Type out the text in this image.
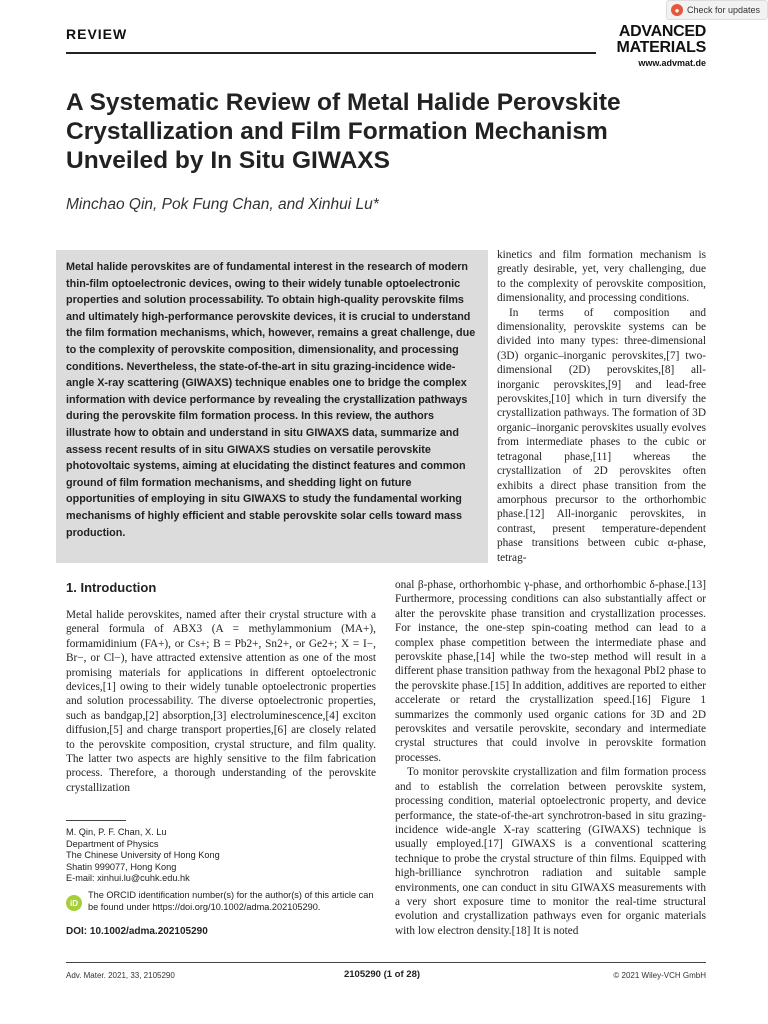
REVIEW	ADVANCED
MATERIALS
www.advmat.de
● Check for updates
A Systematic Review of Metal Halide Perovskite Crystallization and Film Formation Mechanism Unveiled by In Situ GIWAXS
Minchao Qin, Pok Fung Chan, and Xinhui Lu*
Metal halide perovskites are of fundamental interest in the research of modern thin-film optoelectronic devices, owing to their widely tunable optoelectronic properties and solution processability. To obtain high-quality perovskite films and ultimately high-performance perovskite devices, it is crucial to understand the film formation mechanisms, which, however, remains a great challenge, due to the complexity of perovskite composition, dimensionality, and processing conditions. Nevertheless, the state-of-the-art in situ grazing-incidence wide-angle X-ray scattering (GIWAXS) technique enables one to bridge the complex information with device performance by revealing the crystallization pathways during the perovskite film formation process. In this review, the authors illustrate how to obtain and understand in situ GIWAXS data, summarize and assess recent results of in situ GIWAXS studies on versatile perovskite photovoltaic systems, aiming at elucidating the distinct features and common ground of film formation mechanisms, and shedding light on future opportunities of employing in situ GIWAXS to study the fundamental working mechanisms of highly efficient and stable perovskite solar cells toward mass production.

kinetics and film formation mechanism is greatly desirable, yet, very challenging, due to the complexity of perovskite composition, dimensionality, and processing conditions.

In terms of composition and dimensionality, perovskite systems can be divided into many types: three-dimensional (3D) organic–inorganic perovskites,[7] two-dimensional (2D) perovskites,[8] all-inorganic perovskites,[9] and lead-free perovskites,[10] which in turn diversify the crystallization pathways. The formation of 3D organic–inorganic perovskites usually evolves from intermediate phases to the cubic or tetragonal phase,[11] whereas the crystallization of 2D perovskites often exhibits a direct phase transition from the amorphous precursor to the orthorhombic phase.[12] All-inorganic perovskites, in contrast, present temperature-dependent phase transitions between cubic α-phase, tetrag-

1. Introduction

Metal halide perovskites, named after their crystal structure with a general formula of ABX3 (A = methylammonium (MA+), formamidinium (FA+), or Cs+; B = Pb2+, Sn2+, or Ge2+; X = I−, Br−, or Cl−), have attracted extensive attention as one of the most promising materials for applications in different optoelectronic devices,[1] owing to their widely tunable optoelectronic properties and solution processability. The diverse optoelectronic properties, such as bandgap,[2] absorption,[3] electroluminescence,[4] exciton diffusion,[5] and charge transport properties,[6] are closely related to the perovskite composition, crystal structure, and film quality. The latter two aspects are highly sensitive to the film fabrication process. Therefore, a thorough understanding of the perovskite crystallization

onal β-phase, orthorhombic γ-phase, and orthorhombic δ-phase.[13] Furthermore, processing conditions can also substantially affect or alter the perovskite phase transition and crystallization processes. For instance, the one-step spin-coating method can lead to a complex phase competition between the intermediate phase and perovskite phase,[14] while the two-step method will result in a different phase transition pathway from the hexagonal PbI2 phase to the perovskite phase.[15] In addition, additives are reported to either accelerate or retard the crystallization speed.[16] Figure 1 summarizes the commonly used organic cations for 3D and 2D perovskites and versatile perovskite, secondary and intermediate crystal structures that could involve in perovskite formation processes.

To monitor perovskite crystallization and film formation process and to establish the correlation between perovskite system, processing condition, material optoelectronic property, and device performance, the state-of-the-art synchrotron-based in situ grazing-incidence wide-angle X-ray scattering (GIWAXS) technique is usually employed.[17] GIWAXS is a conventional scattering technique to probe the crystal structure of thin films. Equipped with high-brilliance synchrotron radiation and suitable sample environments, one can conduct in situ GIWAXS measurements with a very short exposure time to monitor the real-time structural evolution and crystallization pathways even for organic materials with low electron density.[18] It is noted

M. Qin, P. F. Chan, X. Lu
Department of Physics
The Chinese University of Hong Kong
Shatin 999077, Hong Kong
E-mail: xinhui.lu@cuhk.edu.hk
iD
The ORCID identification number(s) for the author(s) of this article can be found under https://doi.org/10.1002/adma.202105290.
DOI: 10.1002/adma.202105290
Adv. Mater. 2021, 33, 2105290	2105290 (1 of 28)	© 2021 Wiley-VCH GmbH
